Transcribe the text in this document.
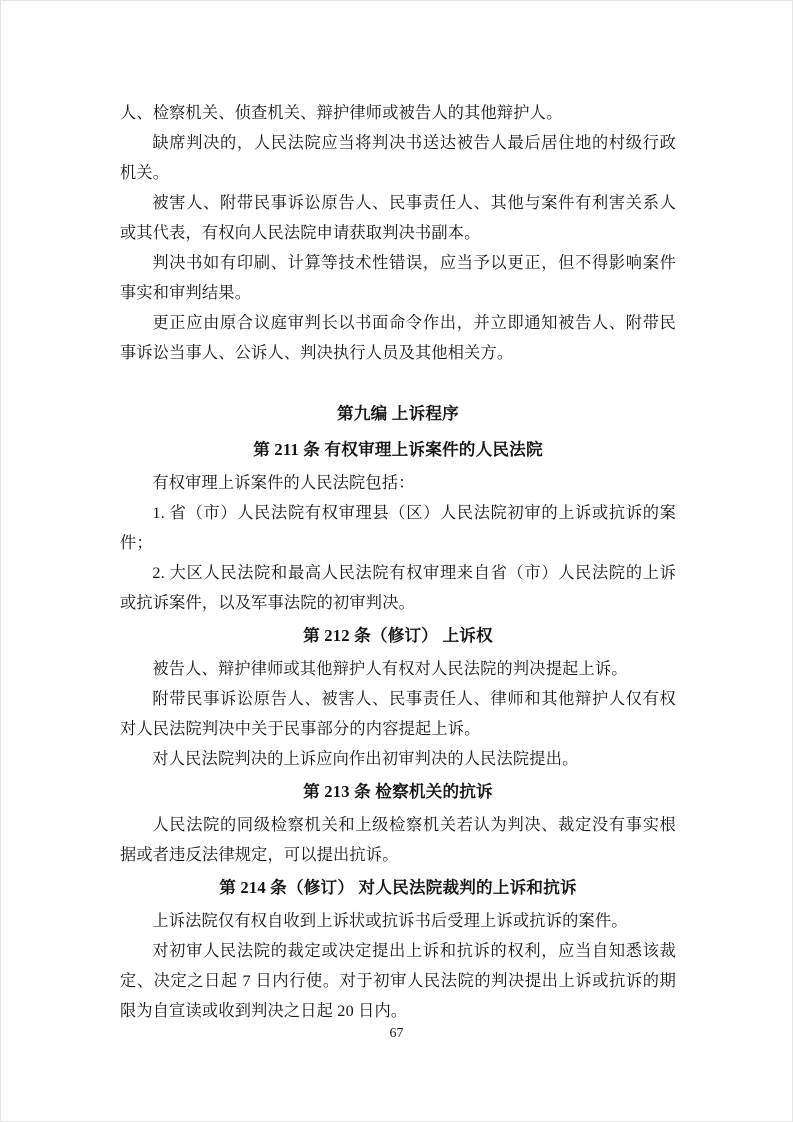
人、检察机关、侦查机关、辩护律师或被告人的其他辩护人。

缺席判决的，人民法院应当将判决书送达被告人最后居住地的村级行政机关。

被害人、附带民事诉讼原告人、民事责任人、其他与案件有利害关系人或其代表，有权向人民法院申请获取判决书副本。

判决书如有印刷、计算等技术性错误，应当予以更正，但不得影响案件事实和审判结果。

更正应由原合议庭审判长以书面命令作出，并立即通知被告人、附带民事诉讼当事人、公诉人、判决执行人员及其他相关方。

第九编 上诉程序
第 211 条 有权审理上诉案件的人民法院

有权审理上诉案件的人民法院包括：

1. 省（市）人民法院有权审理县（区）人民法院初审的上诉或抗诉的案件；

2. 大区人民法院和最高人民法院有权审理来自省（市）人民法院的上诉或抗诉案件，以及军事法院的初审判决。

第 212 条（修订） 上诉权

被告人、辩护律师或其他辩护人有权对人民法院的判决提起上诉。

附带民事诉讼原告人、被害人、民事责任人、律师和其他辩护人仅有权对人民法院判决中关于民事部分的内容提起上诉。

对人民法院判决的上诉应向作出初审判决的人民法院提出。

第 213 条 检察机关的抗诉

人民法院的同级检察机关和上级检察机关若认为判决、裁定没有事实根据或者违反法律规定，可以提出抗诉。

第 214 条（修订） 对人民法院裁判的上诉和抗诉

上诉法院仅有权自收到上诉状或抗诉书后受理上诉或抗诉的案件。

对初审人民法院的裁定或决定提出上诉和抗诉的权利，应当自知悉该裁定、决定之日起 7 日内行使。对于初审人民法院的判决提出上诉或抗诉的期限为自宣读或收到判决之日起 20 日内。

67
